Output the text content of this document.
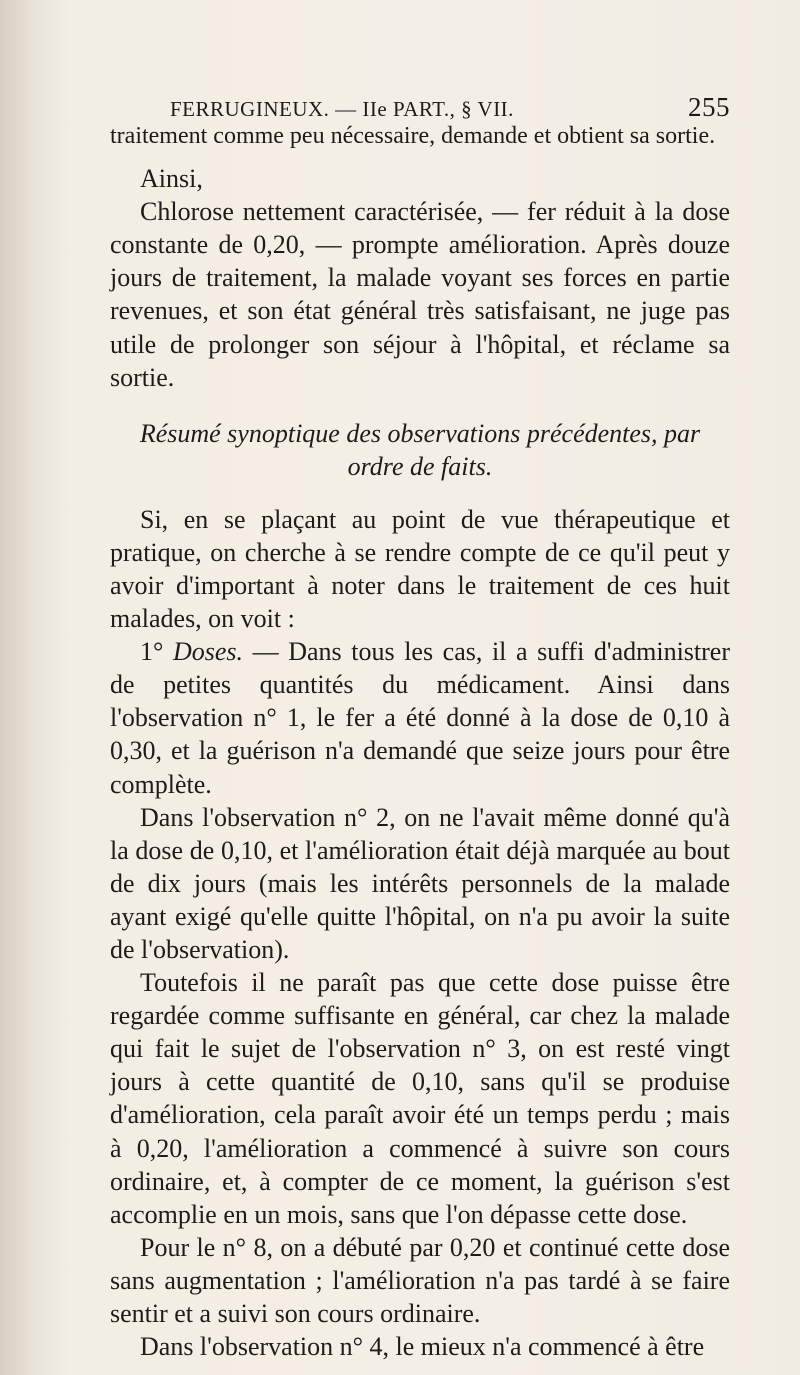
FERRUGINEUX. — IIe PART., § VII.	255

traitement comme peu nécessaire, demande et obtient sa sortie.

Ainsi,

Chlorose nettement caractérisée, — fer réduit à la dose constante de 0,20, — prompte amélioration. Après douze jours de traitement, la malade voyant ses forces en partie revenues, et son état général très satisfaisant, ne juge pas utile de prolonger son séjour à l'hôpital, et réclame sa sortie.

Résumé synoptique des observations précédentes, par ordre de faits.

Si, en se plaçant au point de vue thérapeutique et pratique, on cherche à se rendre compte de ce qu'il peut y avoir d'important à noter dans le traitement de ces huit malades, on voit :

1° Doses. — Dans tous les cas, il a suffi d'administrer de petites quantités du médicament. Ainsi dans l'observation n° 1, le fer a été donné à la dose de 0,10 à 0,30, et la guérison n'a demandé que seize jours pour être complète.

Dans l'observation n° 2, on ne l'avait même donné qu'à la dose de 0,10, et l'amélioration était déjà marquée au bout de dix jours (mais les intérêts personnels de la malade ayant exigé qu'elle quitte l'hôpital, on n'a pu avoir la suite de l'observation).

Toutefois il ne paraît pas que cette dose puisse être regardée comme suffisante en général, car chez la malade qui fait le sujet de l'observation n° 3, on est resté vingt jours à cette quantité de 0,10, sans qu'il se produise d'amélioration, cela paraît avoir été un temps perdu ; mais à 0,20, l'amélioration a commencé à suivre son cours ordinaire, et, à compter de ce moment, la guérison s'est accomplie en un mois, sans que l'on dépasse cette dose.

Pour le n° 8, on a débuté par 0,20 et continué cette dose sans augmentation ; l'amélioration n'a pas tardé à se faire sentir et a suivi son cours ordinaire.

Dans l'observation n° 4, le mieux n'a commencé à être
